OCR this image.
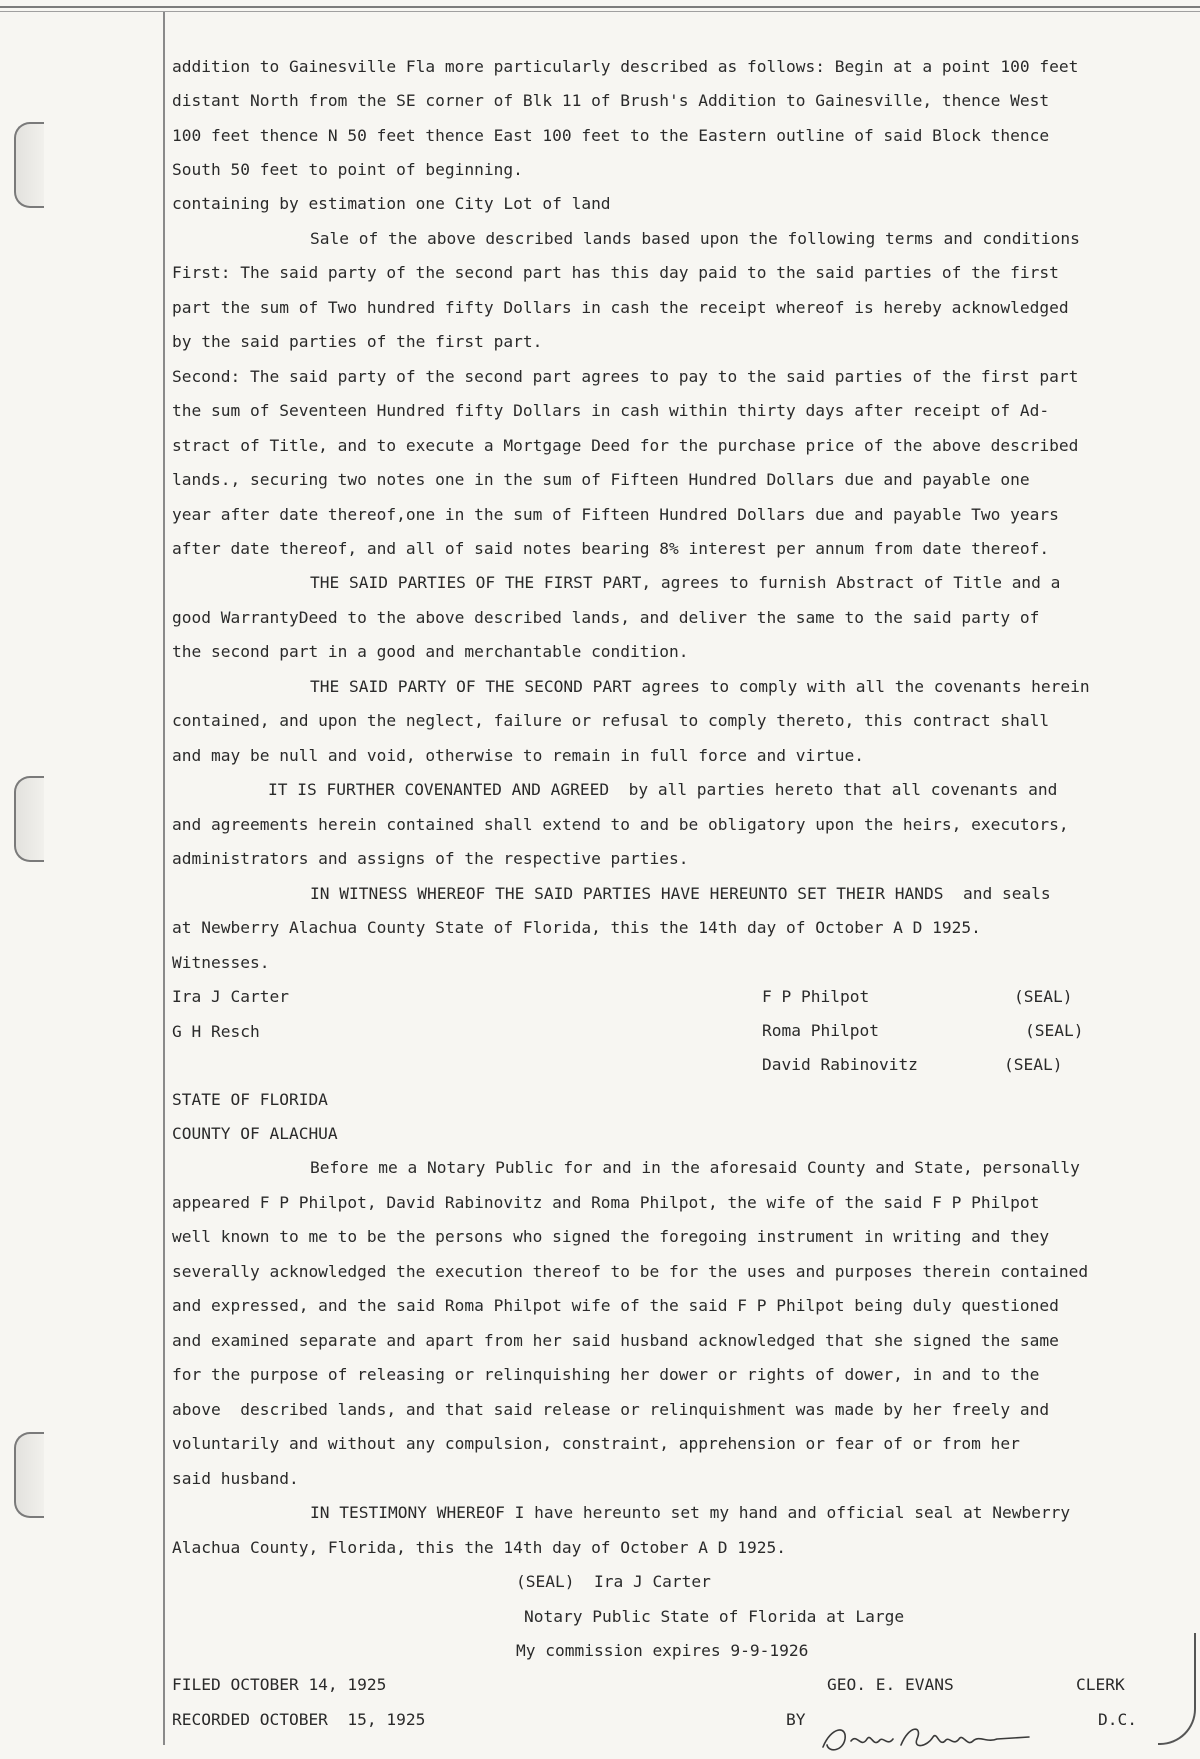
addition to Gainesville Fla more particularly described as follows: Begin at a point 100 feet
distant North from the SE corner of Blk 11 of Brush's Addition to Gainesville, thence West
100 feet thence N 50 feet thence East 100 feet to the Eastern outline of said Block thence
South 50 feet to point of beginning.
containing by estimation one City Lot of land
Sale of the above described lands based upon the following terms and conditions
First: The said party of the second part has this day paid to the said parties of the first
part the sum of Two hundred fifty Dollars in cash the receipt whereof is hereby acknowledged
by the said parties of the first part.
Second: The said party of the second part agrees to pay to the said parties of the first part
the sum of Seventeen Hundred fifty Dollars in cash within thirty days after receipt of Ad-
stract of Title, and to execute a Mortgage Deed for the purchase price of the above described
lands., securing two notes one in the sum of Fifteen Hundred Dollars due and payable one
year after date thereof,one in the sum of Fifteen Hundred Dollars due and payable Two years
after date thereof, and all of said notes bearing 8% interest per annum from date thereof.
THE SAID PARTIES OF THE FIRST PART, agrees to furnish Abstract of Title and a
good WarrantyDeed to the above described lands, and deliver the same to the said party of
the second part in a good and merchantable condition.
THE SAID PARTY OF THE SECOND PART agrees to comply with all the covenants herein
contained, and upon the neglect, failure or refusal to comply thereto, this contract shall
and may be null and void, otherwise to remain in full force and virtue.
IT IS FURTHER COVENANTED AND AGREED  by all parties hereto that all covenants and
and agreements herein contained shall extend to and be obligatory upon the heirs, executors,
administrators and assigns of the respective parties.
IN WITNESS WHEREOF THE SAID PARTIES HAVE HEREUNTO SET THEIR HANDS  and seals
at Newberry Alachua County State of Florida, this the 14th day of October A D 1925.
Witnesses.
Ira J Carter
G H Resch
F P Philpot	(SEAL)
Roma Philpot	(SEAL)
David Rabinovitz	(SEAL)
STATE OF FLORIDA
COUNTY OF ALACHUA
Before me a Notary Public for and in the aforesaid County and State, personally
appeared F P Philpot, David Rabinovitz and Roma Philpot, the wife of the said F P Philpot
well known to me to be the persons who signed the foregoing instrument in writing and they
severally acknowledged the execution thereof to be for the uses and purposes therein contained
and expressed, and the said Roma Philpot wife of the said F P Philpot being duly questioned
and examined separate and apart from her said husband acknowledged that she signed the same
for the purpose of releasing or relinquishing her dower or rights of dower, in and to the
above  described lands, and that said release or relinquishment was made by her freely and
voluntarily and without any compulsion, constraint, apprehension or fear of or from her
said husband.
IN TESTIMONY WHEREOF I have hereunto set my hand and official seal at Newberry
Alachua County, Florida, this the 14th day of October A D 1925.
(SEAL)  Ira J Carter
Notary Public State of Florida at Large
My commission expires 9-9-1926
FILED OCTOBER 14, 1925
RECORDED OCTOBER  15, 1925
GEO. E. EVANS	CLERK
BY	D.C.
